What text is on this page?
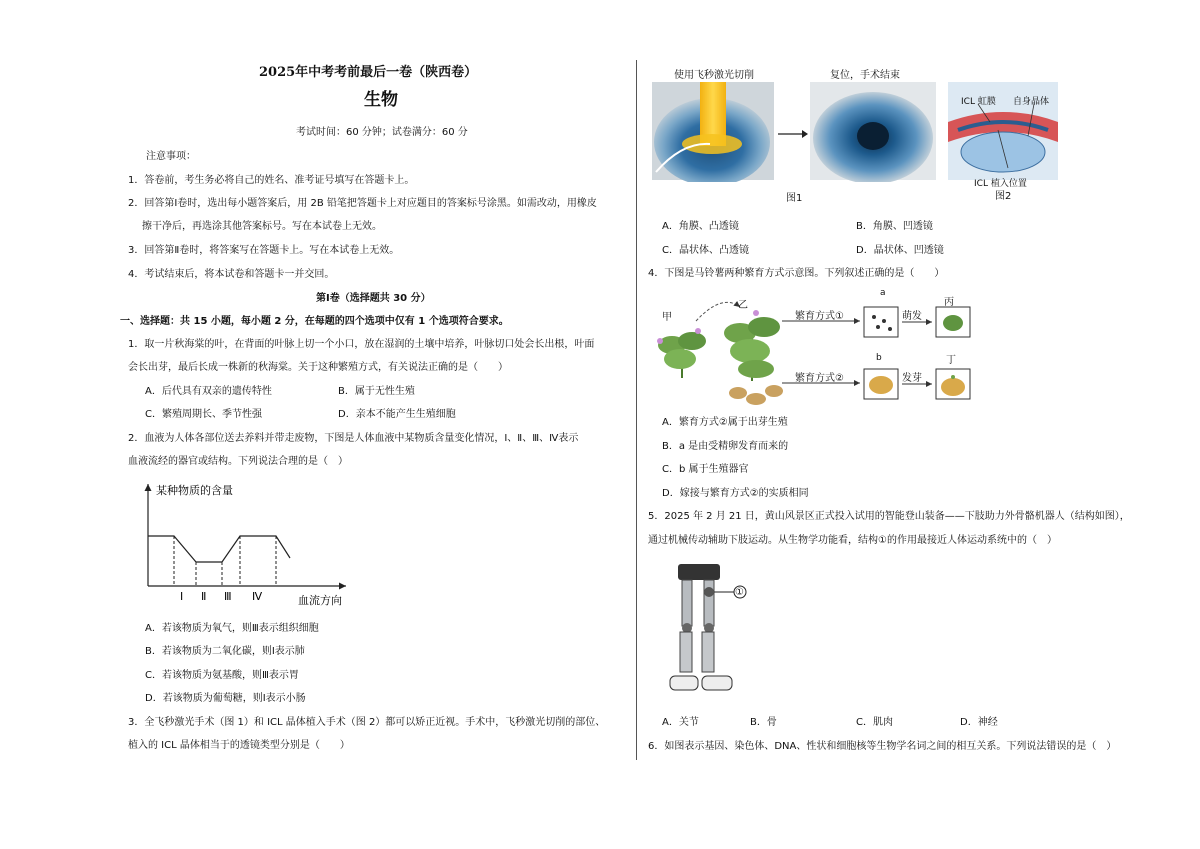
2025年中考考前最后一卷（陕西卷）
生物
考试时间：60 分钟；试卷满分：60 分
注意事项：
1．答卷前，考生务必将自己的姓名、准考证号填写在答题卡上。
2．回答第Ⅰ卷时，选出每小题答案后，用 2B 铅笔把答题卡上对应题目的答案标号涂黑。如需改动，用橡皮
擦干净后，再选涂其他答案标号。写在本试卷上无效。
3．回答第Ⅱ卷时，将答案写在答题卡上。写在本试卷上无效。
4．考试结束后，将本试卷和答题卡一并交回。
第Ⅰ卷（选择题共 30 分）
一、选择题：共 15 小题，每小题 2 分，在每题的四个选项中仅有 1 个选项符合要求。
1．取一片秋海棠的叶，在背面的叶脉上切一个小口，放在湿润的土壤中培养，叶脉切口处会长出根，叶面
会长出芽，最后长成一株新的秋海棠。关于这种繁殖方式，有关说法正确的是（　　）
A．后代具有双亲的遗传特性	B．属于无性生殖
C．繁殖周期长、季节性强	D．亲本不能产生生殖细胞
2．血液为人体各部位送去养料并带走废物，下图是人体血液中某物质含量变化情况，Ⅰ、Ⅱ、Ⅲ、Ⅳ表示
血液流经的器官或结构。下列说法合理的是（　）
某种物质的含量
Ⅰ Ⅱ Ⅲ Ⅳ	血流方向
A．若该物质为氧气，则Ⅲ表示组织细胞
B．若该物质为二氧化碳，则Ⅰ表示肺
C．若该物质为氨基酸，则Ⅲ表示胃
D．若该物质为葡萄糖，则Ⅰ表示小肠
3．全飞秒激光手术（图 1）和 ICL 晶体植入手术（图 2）都可以矫正近视。手术中，飞秒激光切削的部位、
植入的 ICL 晶体相当于的透镜类型分别是（　　）
使用飞秒激光切削	复位，手术结束
图1
ICL 虹膜 自身晶体
ICL 植入位置
图2
A．角膜、凸透镜	B．角膜、凹透镜
C．晶状体、凸透镜	D．晶状体、凹透镜
4．下图是马铃薯两种繁育方式示意图。下列叙述正确的是（　　）
甲
乙
繁育方式①
繁育方式②
a
b
丙
丁
萌发
发芽
A．繁育方式②属于出芽生殖
B．a 是由受精卵发育而来的
C．b 属于生殖器官
D．嫁接与繁育方式②的实质相同
5．2025 年 2 月 21 日，黄山风景区正式投入试用的智能登山装备——下肢助力外骨骼机器人（结构如图），
通过机械传动辅助下肢运动。从生物学功能看，结构①的作用最接近人体运动系统中的（　）
①
A．关节	B．骨	C．肌肉	D．神经
6．如图表示基因、染色体、DNA、性状和细胞核等生物学名词之间的相互关系。下列说法错误的是（　）
